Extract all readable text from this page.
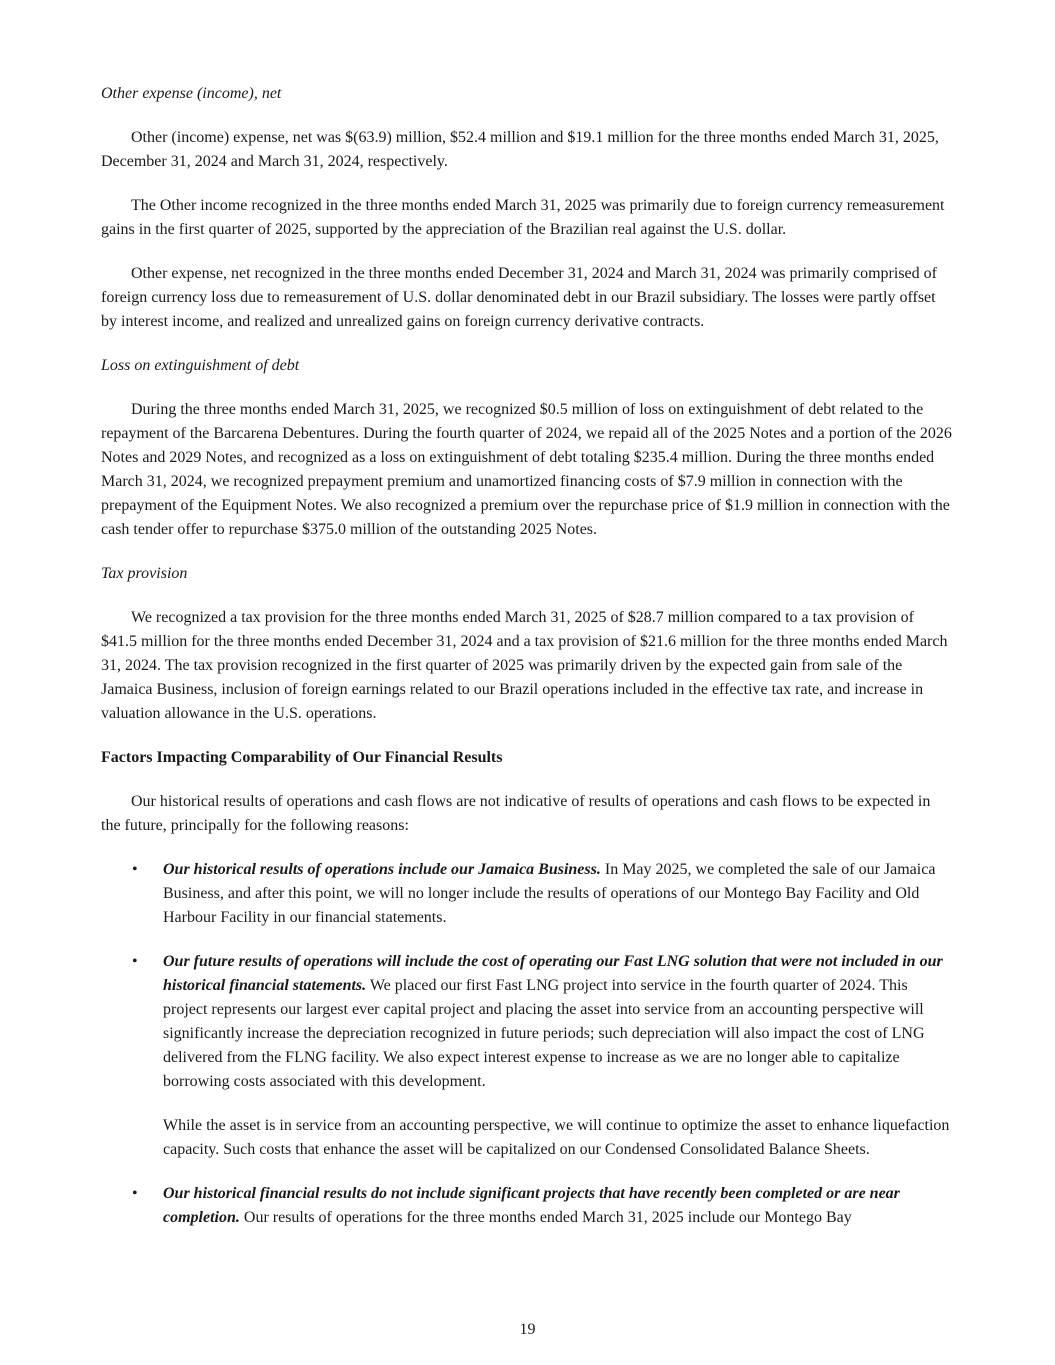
Other expense (income), net

Other (income) expense, net was $(63.9) million, $52.4 million and $19.1 million for the three months ended March 31, 2025, December 31, 2024 and March 31, 2024, respectively.

The Other income recognized in the three months ended March 31, 2025 was primarily due to foreign currency remeasurement gains in the first quarter of 2025, supported by the appreciation of the Brazilian real against the U.S. dollar.

Other expense, net recognized in the three months ended December 31, 2024 and March 31, 2024 was primarily comprised of foreign currency loss due to remeasurement of U.S. dollar denominated debt in our Brazil subsidiary. The losses were partly offset by interest income, and realized and unrealized gains on foreign currency derivative contracts.

Loss on extinguishment of debt

During the three months ended March 31, 2025, we recognized $0.5 million of loss on extinguishment of debt related to the repayment of the Barcarena Debentures. During the fourth quarter of 2024, we repaid all of the 2025 Notes and a portion of the 2026 Notes and 2029 Notes, and recognized as a loss on extinguishment of debt totaling $235.4 million. During the three months ended March 31, 2024, we recognized prepayment premium and unamortized financing costs of $7.9 million in connection with the prepayment of the Equipment Notes. We also recognized a premium over the repurchase price of $1.9 million in connection with the cash tender offer to repurchase $375.0 million of the outstanding 2025 Notes.

Tax provision

We recognized a tax provision for the three months ended March 31, 2025 of $28.7 million compared to a tax provision of $41.5 million for the three months ended December 31, 2024 and a tax provision of $21.6 million for the three months ended March 31, 2024. The tax provision recognized in the first quarter of 2025 was primarily driven by the expected gain from sale of the Jamaica Business, inclusion of foreign earnings related to our Brazil operations included in the effective tax rate, and increase in valuation allowance in the U.S. operations.

Factors Impacting Comparability of Our Financial Results

Our historical results of operations and cash flows are not indicative of results of operations and cash flows to be expected in the future, principally for the following reasons:

• Our historical results of operations include our Jamaica Business. In May 2025, we completed the sale of our Jamaica Business, and after this point, we will no longer include the results of operations of our Montego Bay Facility and Old Harbour Facility in our financial statements.
• Our future results of operations will include the cost of operating our Fast LNG solution that were not included in our historical financial statements. We placed our first Fast LNG project into service in the fourth quarter of 2024. This project represents our largest ever capital project and placing the asset into service from an accounting perspective will significantly increase the depreciation recognized in future periods; such depreciation will also impact the cost of LNG delivered from the FLNG facility. We also expect interest expense to increase as we are no longer able to capitalize borrowing costs associated with this development.
While the asset is in service from an accounting perspective, we will continue to optimize the asset to enhance liquefaction capacity. Such costs that enhance the asset will be capitalized on our Condensed Consolidated Balance Sheets.
• Our historical financial results do not include significant projects that have recently been completed or are near completion. Our results of operations for the three months ended March 31, 2025 include our Montego Bay

19
